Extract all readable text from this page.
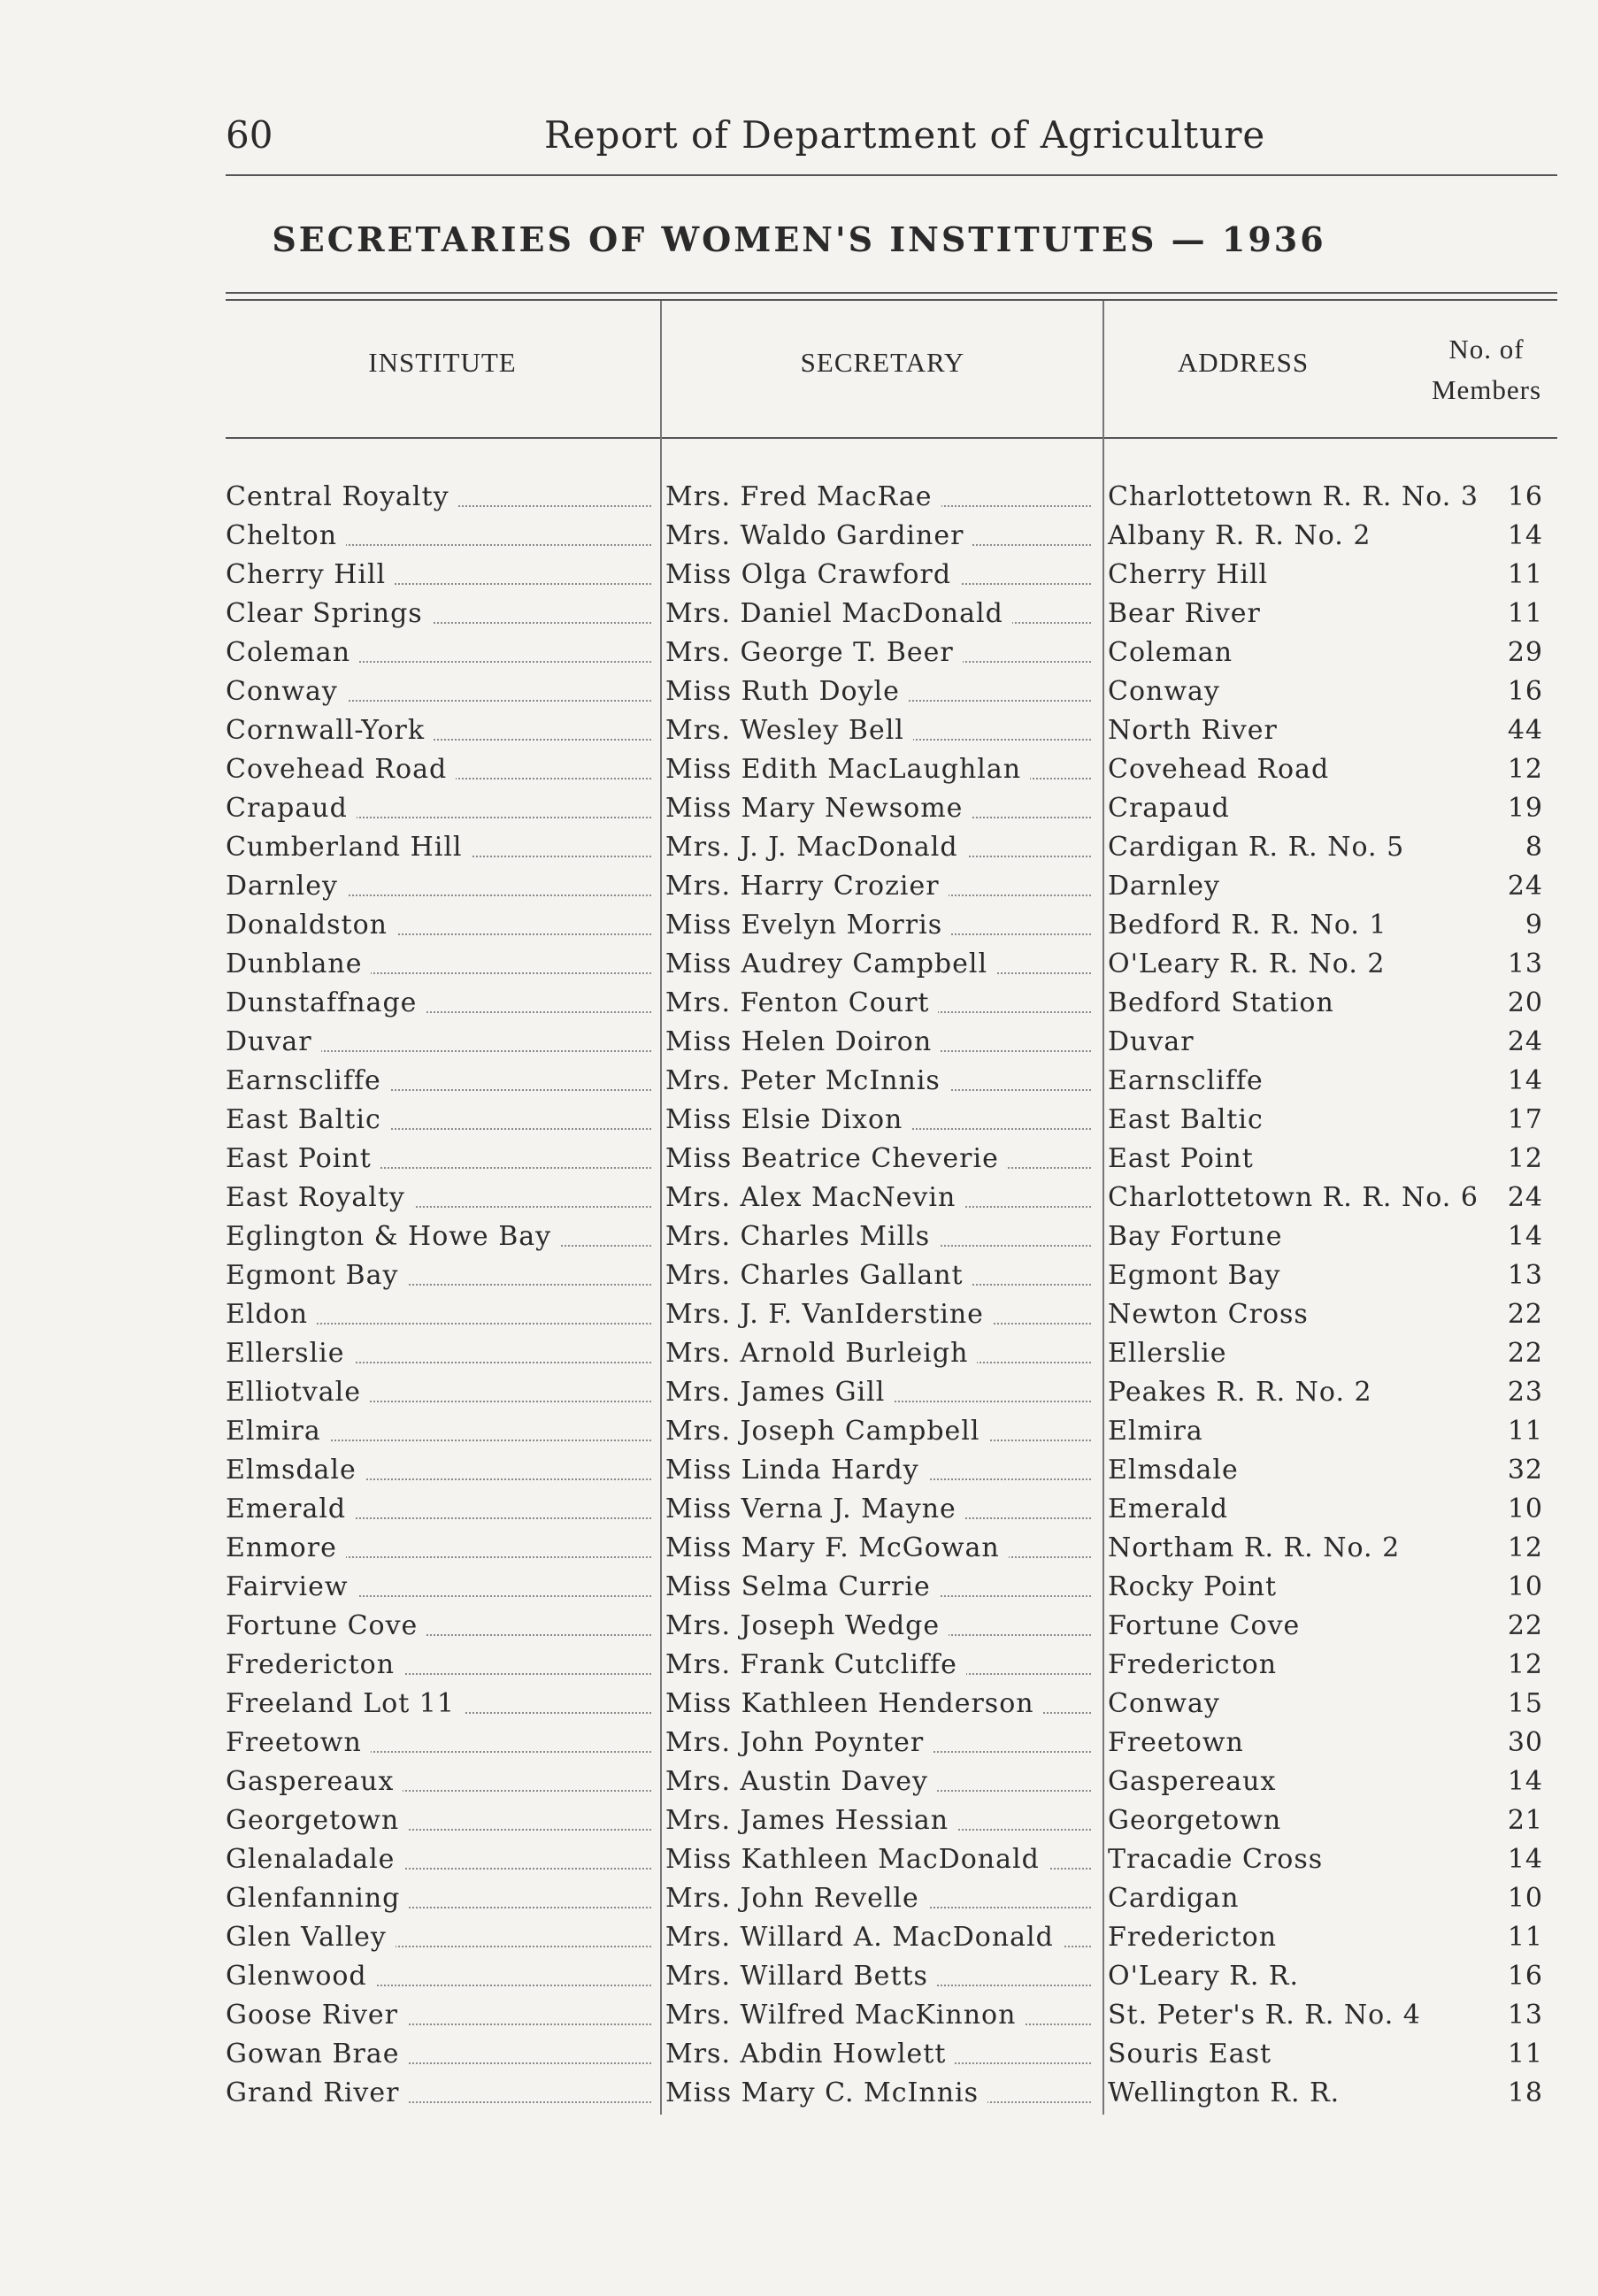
60	Report of Department of Agriculture
SECRETARIES OF WOMEN'S INSTITUTES — 1936
INSTITUTE	SECRETARY	ADDRESS	No. of
Members
Central Royalty	Mrs. Fred MacRae	Charlottetown R. R. No. 3	16
Chelton	Mrs. Waldo Gardiner	Albany R. R. No. 2	14
Cherry Hill	Miss Olga Crawford	Cherry Hill	11
Clear Springs	Mrs. Daniel MacDonald	Bear River	11
Coleman	Mrs. George T. Beer	Coleman	29
Conway	Miss Ruth Doyle	Conway	16
Cornwall-York	Mrs. Wesley Bell	North River	44
Covehead Road	Miss Edith MacLaughlan	Covehead Road	12
Crapaud	Miss Mary Newsome	Crapaud	19
Cumberland Hill	Mrs. J. J. MacDonald	Cardigan R. R. No. 5	8
Darnley	Mrs. Harry Crozier	Darnley	24
Donaldston	Miss Evelyn Morris	Bedford R. R. No. 1	9
Dunblane	Miss Audrey Campbell	O'Leary R. R. No. 2	13
Dunstaffnage	Mrs. Fenton Court	Bedford Station	20
Duvar	Miss Helen Doiron	Duvar	24
Earnscliffe	Mrs. Peter McInnis	Earnscliffe	14
East Baltic	Miss Elsie Dixon	East Baltic	17
East Point	Miss Beatrice Cheverie	East Point	12
East Royalty	Mrs. Alex MacNevin	Charlottetown R. R. No. 6	24
Eglington & Howe Bay	Mrs. Charles Mills	Bay Fortune	14
Egmont Bay	Mrs. Charles Gallant	Egmont Bay	13
Eldon	Mrs. J. F. VanIderstine	Newton Cross	22
Ellerslie	Mrs. Arnold Burleigh	Ellerslie	22
Elliotvale	Mrs. James Gill	Peakes R. R. No. 2	23
Elmira	Mrs. Joseph Campbell	Elmira	11
Elmsdale	Miss Linda Hardy	Elmsdale	32
Emerald	Miss Verna J. Mayne	Emerald	10
Enmore	Miss Mary F. McGowan	Northam R. R. No. 2	12
Fairview	Miss Selma Currie	Rocky Point	10
Fortune Cove	Mrs. Joseph Wedge	Fortune Cove	22
Fredericton	Mrs. Frank Cutcliffe	Fredericton	12
Freeland Lot 11	Miss Kathleen Henderson	Conway	15
Freetown	Mrs. John Poynter	Freetown	30
Gaspereaux	Mrs. Austin Davey	Gaspereaux	14
Georgetown	Mrs. James Hessian	Georgetown	21
Glenaladale	Miss Kathleen MacDonald	Tracadie Cross	14
Glenfanning	Mrs. John Revelle	Cardigan	10
Glen Valley	Mrs. Willard A. MacDonald	Fredericton	11
Glenwood	Mrs. Willard Betts	O'Leary R. R.	16
Goose River	Mrs. Wilfred MacKinnon	St. Peter's R. R. No. 4	13
Gowan Brae	Mrs. Abdin Howlett	Souris East	11
Grand River	Miss Mary C. McInnis	Wellington R. R.	18
